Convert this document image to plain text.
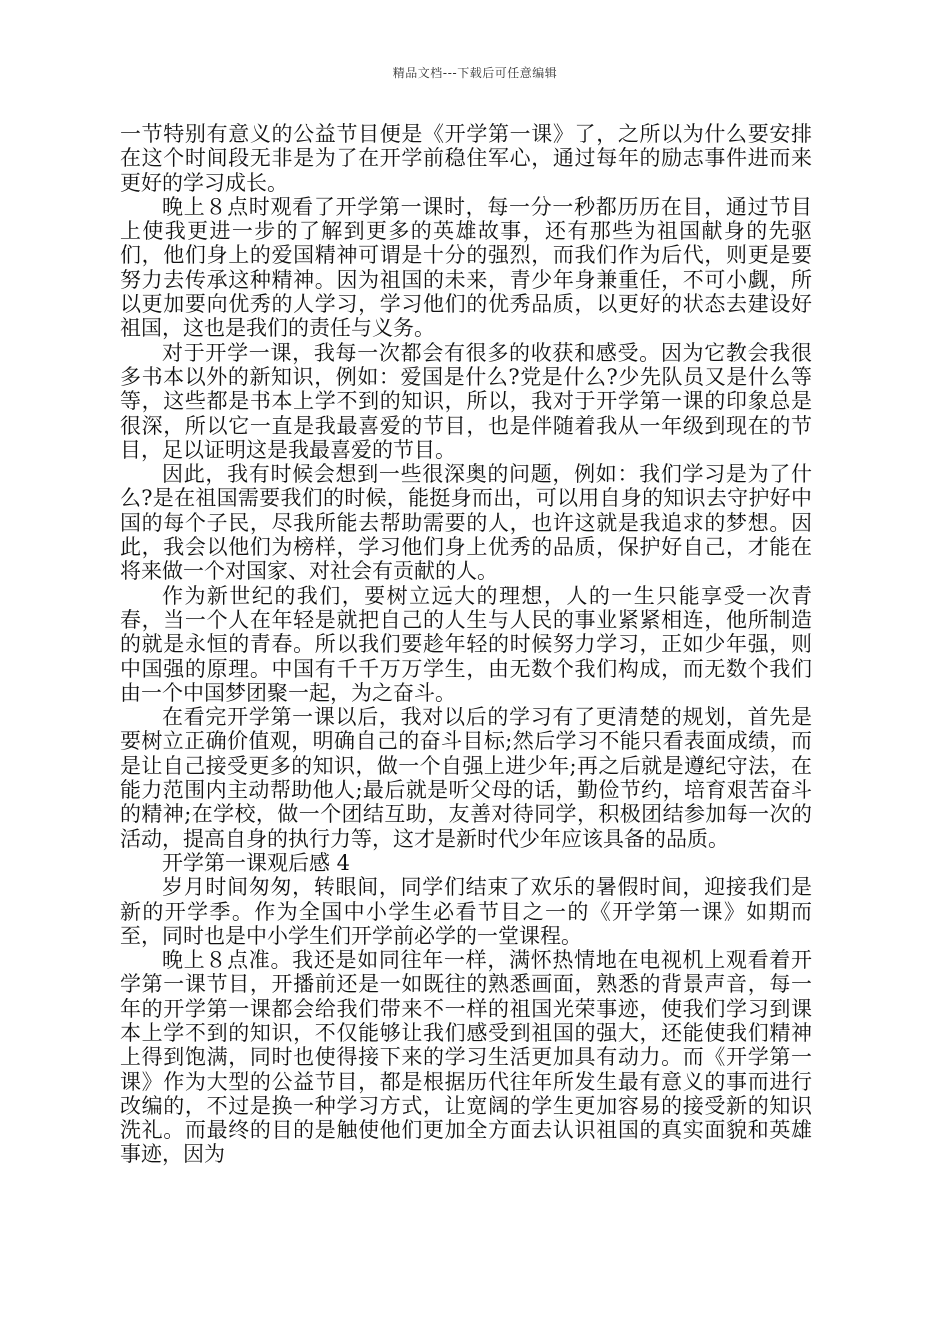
精品文档---下载后可任意编辑

一节特别有意义的公益节目便是《开学第一课》了，之所以为什么要安排在这个时间段无非是为了在开学前稳住军心，通过每年的励志事件进而来更好的学习成长。

晚上８点时观看了开学第一课时，每一分一秒都历历在目，通过节目上使我更进一步的了解到更多的英雄故事，还有那些为祖国献身的先驱们，他们身上的爱国精神可谓是十分的强烈，而我们作为后代，则更是要努力去传承这种精神。因为祖国的未来，青少年身兼重任，不可小觑，所以更加要向优秀的人学习，学习他们的优秀品质，以更好的状态去建设好祖国，这也是我们的责任与义务。

对于开学一课，我每一次都会有很多的收获和感受。因为它教会我很多书本以外的新知识，例如：爱国是什么?党是什么?少先队员又是什么等等，这些都是书本上学不到的知识，所以，我对于开学第一课的印象总是很深，所以它一直是我最喜爱的节目，也是伴随着我从一年级到现在的节目，足以证明这是我最喜爱的节目。

因此，我有时候会想到一些很深奥的问题，例如：我们学习是为了什么?是在祖国需要我们的时候，能挺身而出，可以用自身的知识去守护好中国的每个子民，尽我所能去帮助需要的人，也许这就是我追求的梦想。因此，我会以他们为榜样，学习他们身上优秀的品质，保护好自己，才能在将来做一个对国家、对社会有贡献的人。

作为新世纪的我们，要树立远大的理想，人的一生只能享受一次青春，当一个人在年轻是就把自己的人生与人民的事业紧紧相连，他所制造的就是永恒的青春。所以我们要趁年轻的时候努力学习，正如少年强，则中国强的原理。中国有千千万万学生，由无数个我们构成，而无数个我们由一个中国梦团聚一起，为之奋斗。

在看完开学第一课以后，我对以后的学习有了更清楚的规划，首先是要树立正确价值观，明确自己的奋斗目标;然后学习不能只看表面成绩，而是让自己接受更多的知识，做一个自强上进少年;再之后就是遵纪守法，在能力范围内主动帮助他人;最后就是听父母的话，勤俭节约，培育艰苦奋斗的精神;在学校，做一个团结互助，友善对待同学，积极团结参加每一次的活动，提高自身的执行力等，这才是新时代少年应该具备的品质。

开学第一课观后感 4

岁月时间匆匆，转眼间，同学们结束了欢乐的暑假时间，迎接我们是新的开学季。作为全国中小学生必看节目之一的《开学第一课》如期而至，同时也是中小学生们开学前必学的一堂课程。

晚上８点准。我还是如同往年一样，满怀热情地在电视机上观看着开学第一课节目，开播前还是一如既往的熟悉画面，熟悉的背景声音，每一年的开学第一课都会给我们带来不一样的祖国光荣事迹，使我们学习到课本上学不到的知识，不仅能够让我们感受到祖国的强大，还能使我们精神上得到饱满，同时也使得接下来的学习生活更加具有动力。而《开学第一课》作为大型的公益节目，都是根据历代往年所发生最有意义的事而进行改编的，不过是换一种学习方式，让宽阔的学生更加容易的接受新的知识洗礼。而最终的目的是触使他们更加全方面去认识祖国的真实面貌和英雄事迹，因为
